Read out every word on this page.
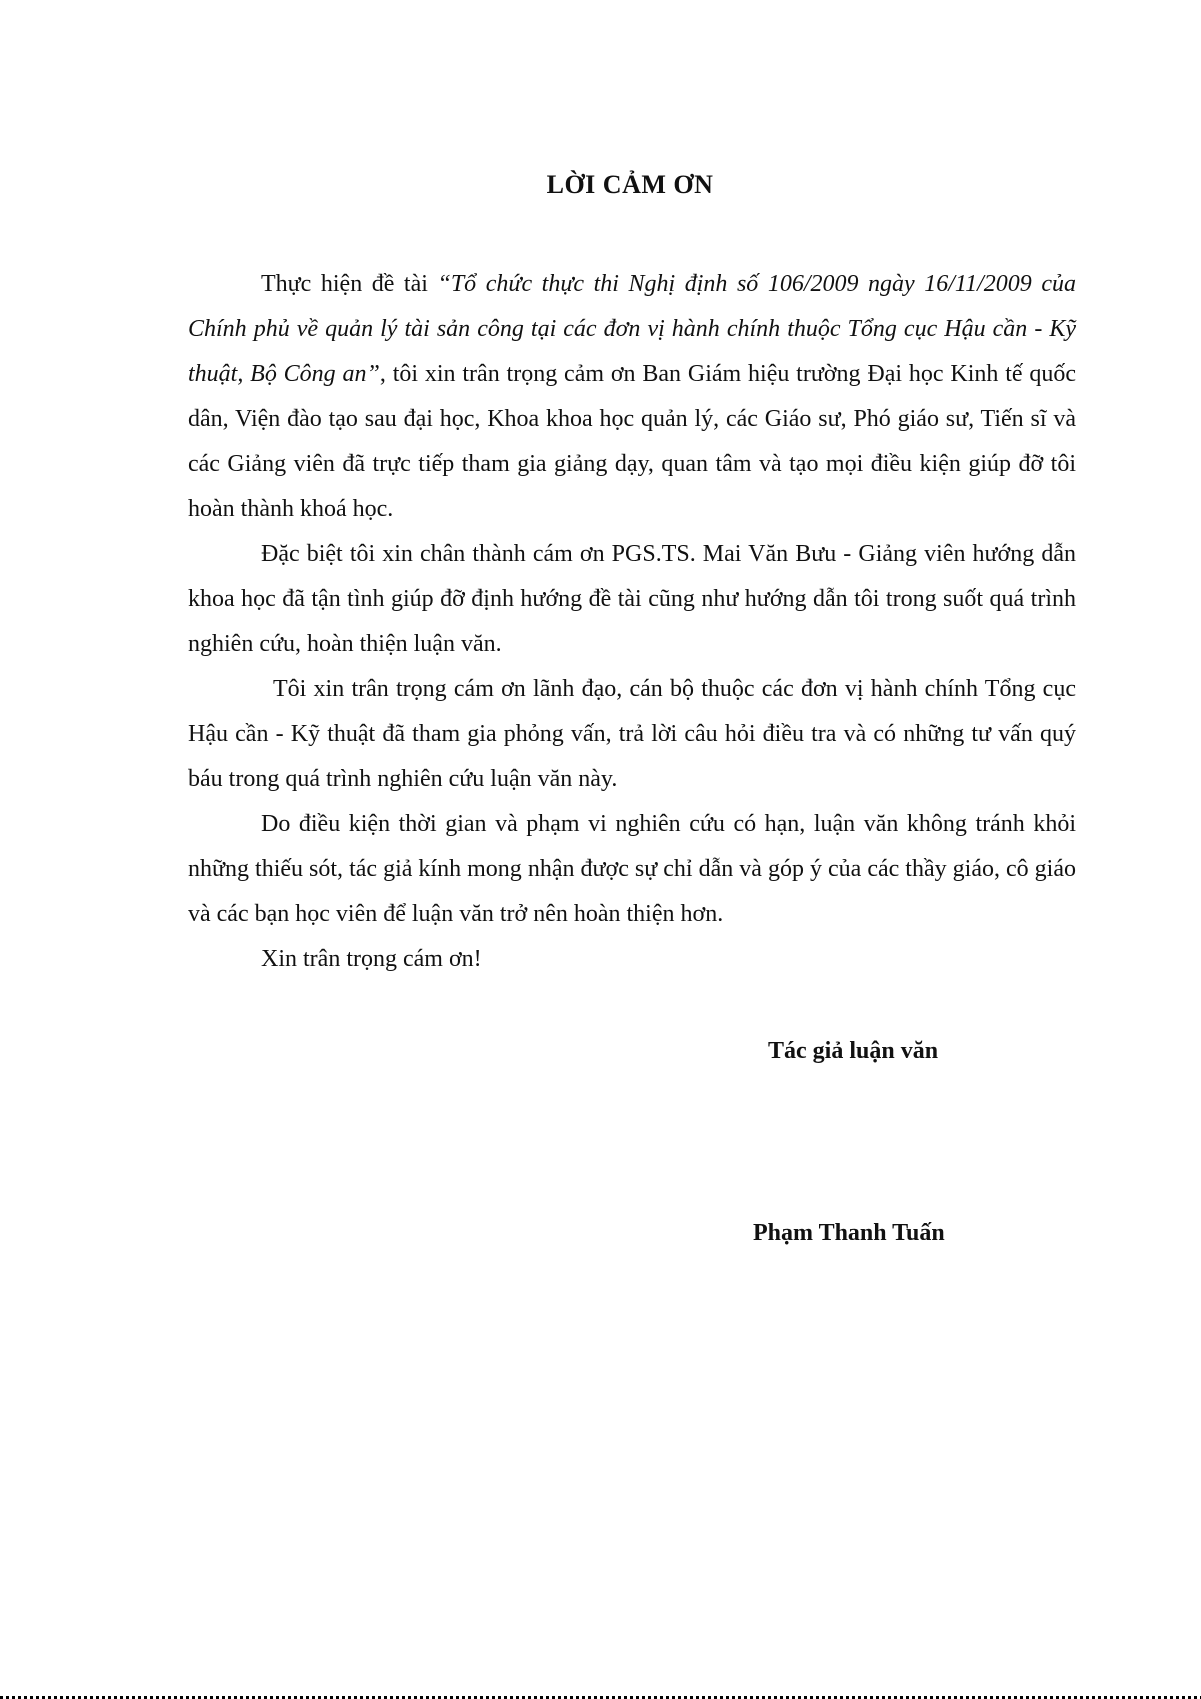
LỜI CẢM ƠN

Thực hiện đề tài “Tổ chức thực thi Nghị định số 106/2009 ngày 16/11/2009 của Chính phủ về quản lý tài sản công tại các đơn vị hành chính thuộc Tổng cục Hậu cần - Kỹ thuật, Bộ Công an”, tôi xin trân trọng cảm ơn Ban Giám hiệu trường Đại học Kinh tế quốc dân, Viện đào tạo sau đại học, Khoa khoa học quản lý, các Giáo sư, Phó giáo sư, Tiến sĩ và các Giảng viên đã trực tiếp tham gia giảng dạy, quan tâm và tạo mọi điều kiện giúp đỡ tôi hoàn thành khoá học.

Đặc biệt tôi xin chân thành cám ơn PGS.TS. Mai Văn Bưu - Giảng viên hướng dẫn khoa học đã tận tình giúp đỡ định hướng đề tài cũng như hướng dẫn tôi trong suốt quá trình nghiên cứu, hoàn thiện luận văn.

Tôi xin trân trọng cám ơn lãnh đạo, cán bộ thuộc các đơn vị hành chính Tổng cục Hậu cần - Kỹ thuật đã tham gia phỏng vấn, trả lời câu hỏi điều tra và có những tư vấn quý báu trong quá trình nghiên cứu luận văn này.

Do điều kiện thời gian và phạm vi nghiên cứu có hạn, luận văn không tránh khỏi những thiếu sót, tác giả kính mong nhận được sự chỉ dẫn và góp ý của các thầy giáo, cô giáo và các bạn học viên để luận văn trở nên hoàn thiện hơn.

Xin trân trọng cám ơn!

Tác giả luận văn
Phạm Thanh Tuấn
